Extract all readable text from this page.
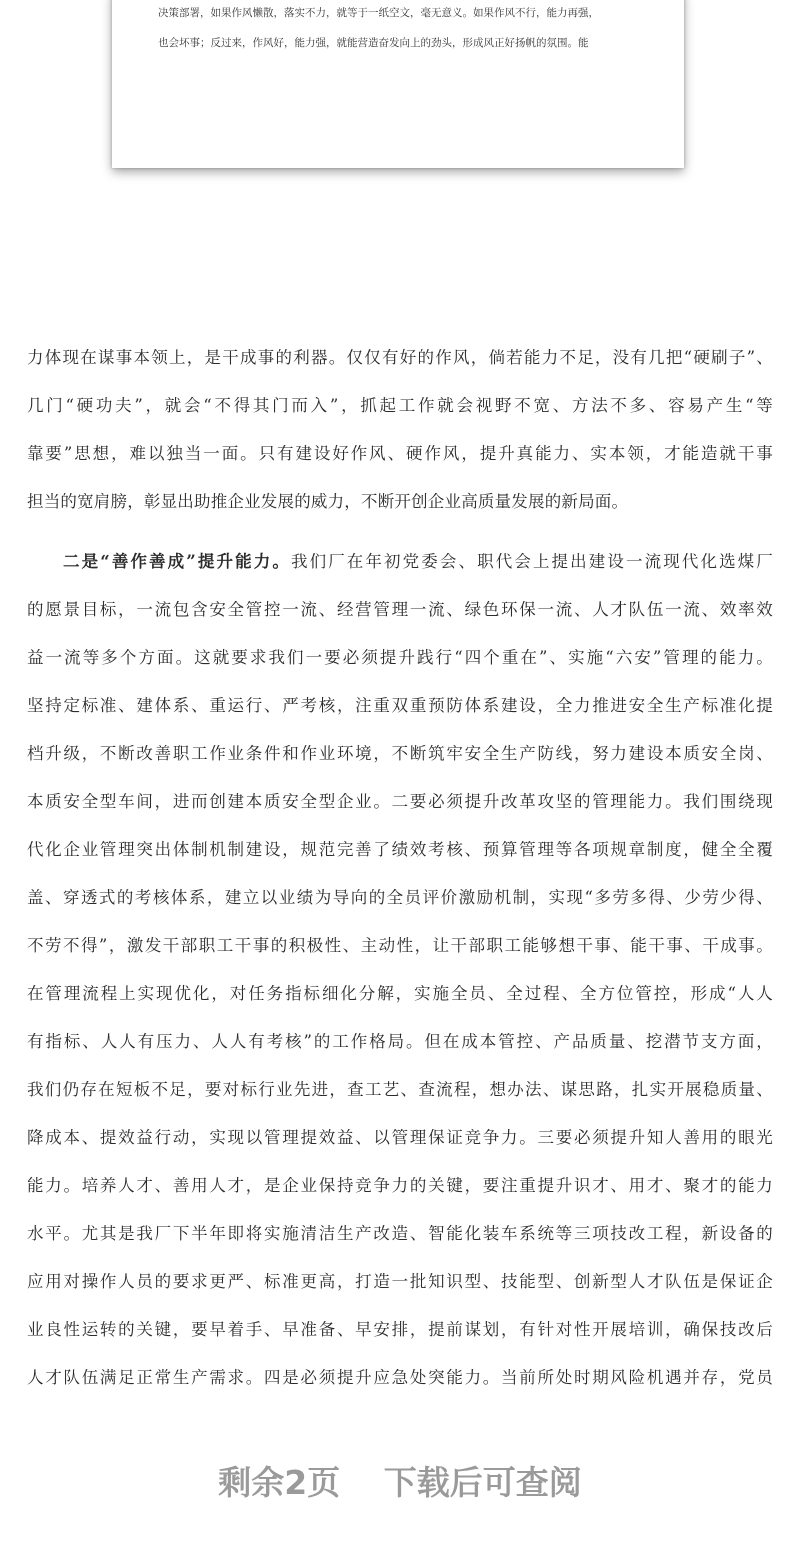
决策部署，如果作风懒散，落实不力，就等于一纸空文，毫无意义。如果作风不行，能力再强，
也会坏事；反过来，作风好，能力强，就能营造奋发向上的劲头，形成风正好扬帆的氛围。能
力体现在谋事本领上，是干成事的利器。仅仅有好的作风，倘若能力不足，没有几把“硬刷子”、
几门“硬功夫”，就会“不得其门而入”，抓起工作就会视野不宽、方法不多、容易产生“等
靠要”思想，难以独当一面。只有建设好作风、硬作风，提升真能力、实本领，才能造就干事
担当的宽肩膀，彰显出助推企业发展的威力，不断开创企业高质量发展的新局面。
二是“善作善成”提升能力。我们厂在年初党委会、职代会上提出建设一流现代化选煤厂
的愿景目标，一流包含安全管控一流、经营管理一流、绿色环保一流、人才队伍一流、效率效
益一流等多个方面。这就要求我们一要必须提升践行“四个重在”、实施“六安”管理的能力。
坚持定标准、建体系、重运行、严考核，注重双重预防体系建设，全力推进安全生产标准化提
档升级，不断改善职工作业条件和作业环境，不断筑牢安全生产防线，努力建设本质安全岗、
本质安全型车间，进而创建本质安全型企业。二要必须提升改革攻坚的管理能力。我们围绕现
代化企业管理突出体制机制建设，规范完善了绩效考核、预算管理等各项规章制度，健全全覆
盖、穿透式的考核体系，建立以业绩为导向的全员评价激励机制，实现“多劳多得、少劳少得、
不劳不得”，激发干部职工干事的积极性、主动性，让干部职工能够想干事、能干事、干成事。
在管理流程上实现优化，对任务指标细化分解，实施全员、全过程、全方位管控，形成“人人
有指标、人人有压力、人人有考核”的工作格局。但在成本管控、产品质量、挖潜节支方面，
我们仍存在短板不足，要对标行业先进，查工艺、查流程，想办法、谋思路，扎实开展稳质量、
降成本、提效益行动，实现以管理提效益、以管理保证竞争力。三要必须提升知人善用的眼光
能力。培养人才、善用人才，是企业保持竞争力的关键，要注重提升识才、用才、聚才的能力
水平。尤其是我厂下半年即将实施清洁生产改造、智能化装车系统等三项技改工程，新设备的
应用对操作人员的要求更严、标准更高，打造一批知识型、技能型、创新型人才队伍是保证企
业良性运转的关键，要早着手、早准备、早安排，提前谋划，有针对性开展培训，确保技改后
人才队伍满足正常生产需求。四是必须提升应急处突能力。当前所处时期风险机遇并存，党员
剩余2页 下载后可查阅
